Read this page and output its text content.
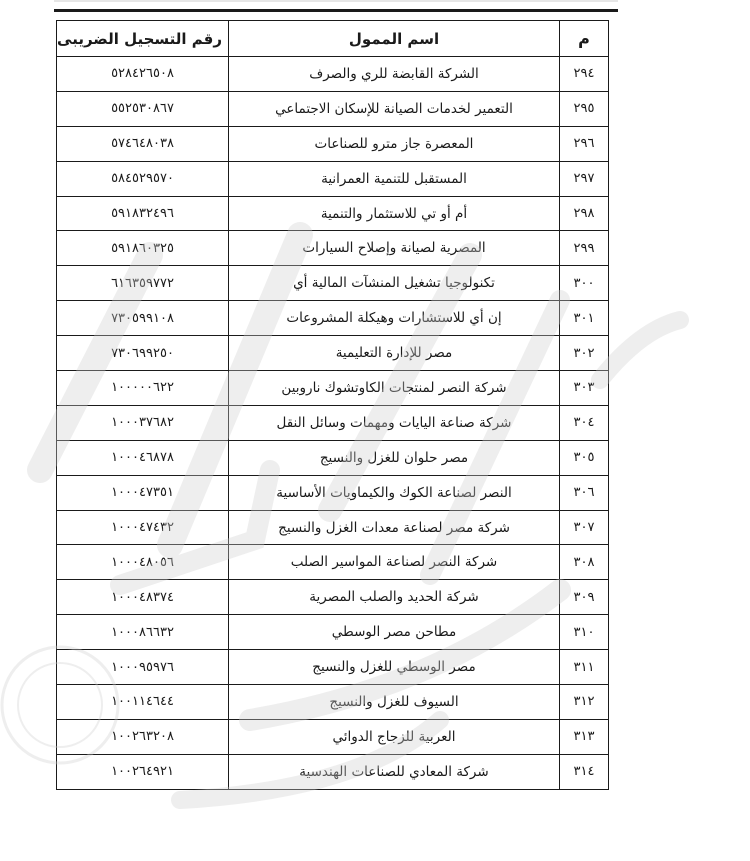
م	اسم الممول	رقم التسجيل الضريبى
٢٩٤	الشركة القابضة للري والصرف	٥٢٨٤٢٦٥٠٨
٢٩٥	التعمير لخدمات الصيانة للإسكان الاجتماعي	٥٥٢٥٣٠٨٦٧
٢٩٦	المعصرة جاز مترو للصناعات	٥٧٤٦٤٨٠٣٨
٢٩٧	المستقبل للتنمية العمرانية	٥٨٤٥٢٩٥٧٠
٢٩٨	أم أو تي للاستثمار والتنمية	٥٩١٨٣٢٤٩٦
٢٩٩	المصرية لصيانة وإصلاح السيارات	٥٩١٨٦٠٣٢٥
٣٠٠	تكنولوجيا تشغيل المنشآت المالية أي	٦١٦٣٥٩٧٧٢
٣٠١	إن أي للاستشارات وهيكلة المشروعات	٧٣٠٥٩٩١٠٨
٣٠٢	مصر للإدارة التعليمية	٧٣٠٦٩٩٢٥٠
٣٠٣	شركة النصر لمنتجات الكاوتشوك ناروبين	١٠٠٠٠٠٦٢٢
٣٠٤	شركة صناعة اليايات ومهمات وسائل النقل	١٠٠٠٣٧٦٨٢
٣٠٥	مصر حلوان للغزل والنسيج	١٠٠٠٤٦٨٧٨
٣٠٦	النصر لصناعة الكوك والكيماويات الأساسية	١٠٠٠٤٧٣٥١
٣٠٧	شركة مصر لصناعة معدات الغزل والنسيج	١٠٠٠٤٧٤٣٢
٣٠٨	شركة النصر لصناعة المواسير الصلب	١٠٠٠٤٨٠٥٦
٣٠٩	شركة الحديد والصلب المصرية	١٠٠٠٤٨٣٧٤
٣١٠	مطاحن مصر الوسطي	١٠٠٠٨٦٦٣٢
٣١١	مصر الوسطي للغزل والنسيج	١٠٠٠٩٥٩٧٦
٣١٢	السيوف للغزل والنسيج	١٠٠١١٤٦٤٤
٣١٣	العربية للزجاج الدوائي	١٠٠٢٦٣٢٠٨
٣١٤	شركة المعادي للصناعات الهندسية	١٠٠٢٦٤٩٢١
